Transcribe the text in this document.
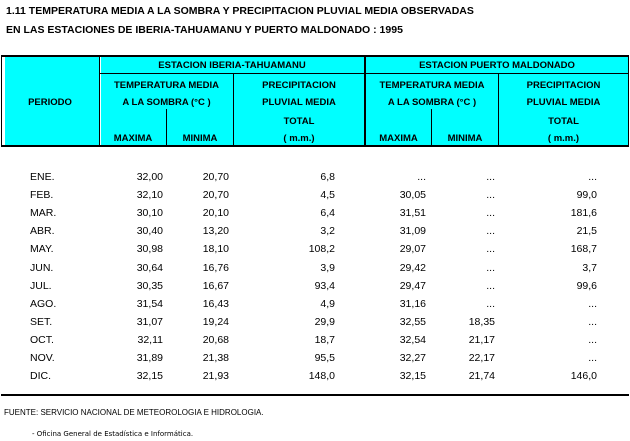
1.11 TEMPERATURA MEDIA A LA SOMBRA Y PRECIPITACION PLUVIAL MEDIA OBSERVADAS
EN LAS ESTACIONES DE IBERIA-TAHUAMANU Y PUERTO MALDONADO : 1995
PERIODO
ESTACION IBERIA-TAHUAMANU	ESTACION PUERTO MALDONADO
TEMPERATURA MEDIA
A LA SOMBRA (°C )
PRECIPITACION
PLUVIAL MEDIA
TOTAL
( m.m.)
MAXIMA	MINIMA
TEMPERATURA MEDIA
A LA SOMBRA (°C )
PRECIPITACION
PLUVIAL MEDIA
TOTAL
( m.m.)
MAXIMA	MINIMA
ENE.	32,00	20,70	6,8	...	...	...
FEB.	32,10	20,70	4,5	30,05	...	99,0
MAR.	30,10	20,10	6,4	31,51	...	181,6
ABR.	30,40	13,20	3,2	31,09	...	21,5
MAY.	30,98	18,10	108,2	29,07	...	168,7
JUN.	30,64	16,76	3,9	29,42	...	3,7
JUL.	30,35	16,67	93,4	29,47	...	99,6
AGO.	31,54	16,43	4,9	31,16	...	...
SET.	31,07	19,24	29,9	32,55	18,35	...
OCT.	32,11	20,68	18,7	32,54	21,17	...
NOV.	31,89	21,38	95,5	32,27	22,17	...
DIC.	32,15	21,93	148,0	32,15	21,74	146,0
FUENTE: SERVICIO NACIONAL DE METEOROLOGIA E HIDROLOGIA.
- Oficina General de Estadística e Informática.
